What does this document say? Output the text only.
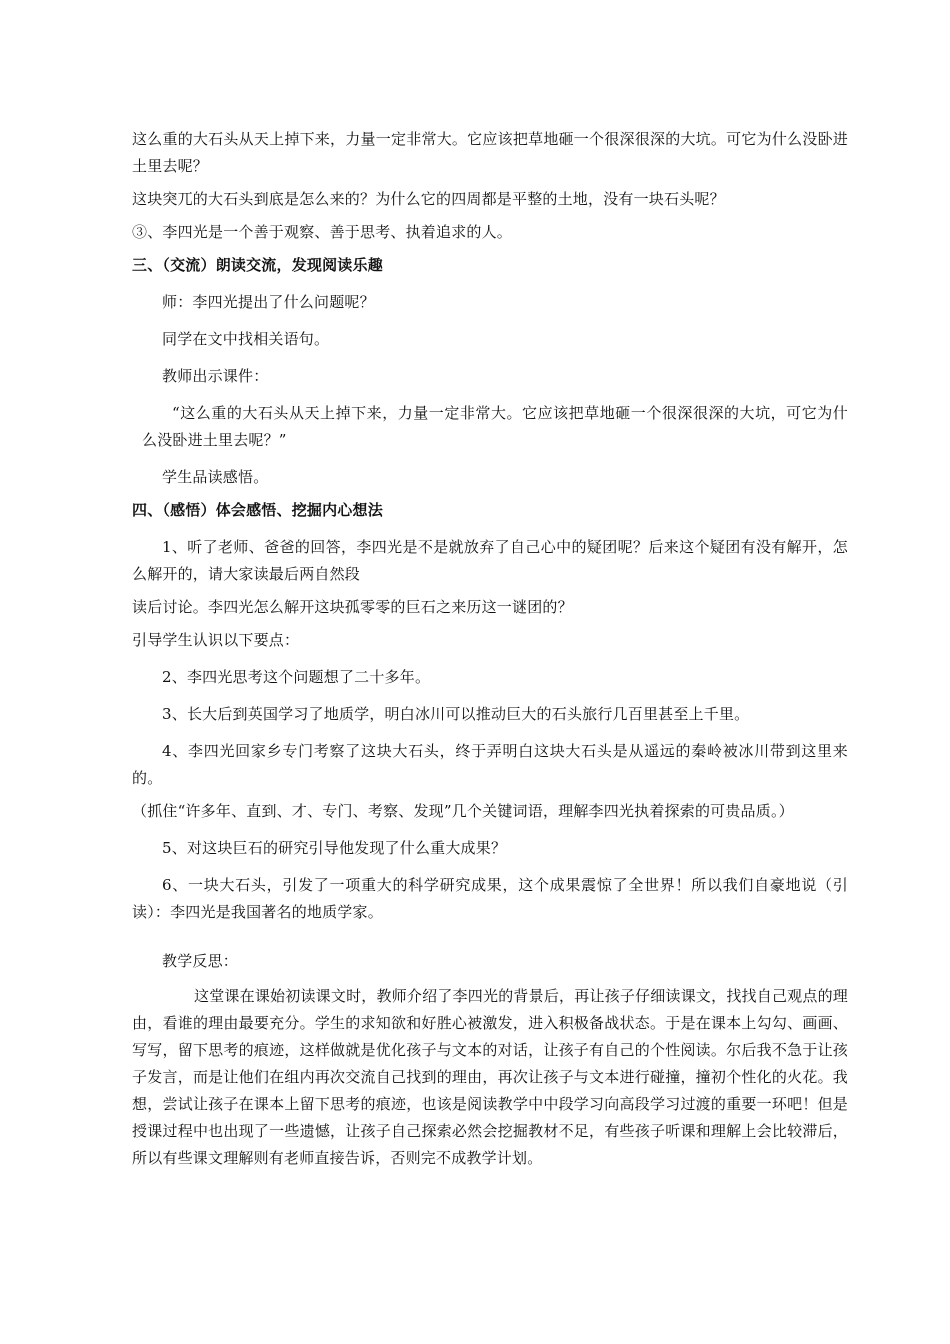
这么重的大石头从天上掉下来，力量一定非常大。它应该把草地砸一个很深很深的大坑。可它为什么没卧进土里去呢？

这块突兀的大石头到底是怎么来的？为什么它的四周都是平整的土地，没有一块石头呢？

③、李四光是一个善于观察、善于思考、执着追求的人。

三、（交流）朗读交流，发现阅读乐趣

师：李四光提出了什么问题呢？

同学在文中找相关语句。

教师出示课件：

“这么重的大石头从天上掉下来，力量一定非常大。它应该把草地砸一个很深很深的大坑，可它为什么没卧进土里去呢？”

学生品读感悟。

四、（感悟）体会感悟、挖掘内心想法

1、听了老师、爸爸的回答，李四光是不是就放弃了自己心中的疑团呢？后来这个疑团有没有解开，怎么解开的，请大家读最后两自然段

读后讨论。李四光怎么解开这块孤零零的巨石之来历这一谜团的？

引导学生认识以下要点：

2、李四光思考这个问题想了二十多年。

3、长大后到英国学习了地质学，明白冰川可以推动巨大的石头旅行几百里甚至上千里。

4、李四光回家乡专门考察了这块大石头，终于弄明白这块大石头是从遥远的秦岭被冰川带到这里来的。

（抓住“许多年、直到、才、专门、考察、发现”几个关键词语，理解李四光执着探索的可贵品质。）

5、对这块巨石的研究引导他发现了什么重大成果？

6、一块大石头，引发了一项重大的科学研究成果，这个成果震惊了全世界！所以我们自豪地说（引读）：李四光是我国著名的地质学家。

教学反思：

这堂课在课始初读课文时，教师介绍了李四光的背景后，再让孩子仔细读课文，找找自己观点的理由，看谁的理由最要充分。学生的求知欲和好胜心被激发，进入积极备战状态。于是在课本上勾勾、画画、写写，留下思考的痕迹，这样做就是优化孩子与文本的对话，让孩子有自己的个性阅读。尔后我不急于让孩子发言，而是让他们在组内再次交流自己找到的理由，再次让孩子与文本进行碰撞，撞初个性化的火花。我想，尝试让孩子在课本上留下思考的痕迹，也该是阅读教学中中段学习向高段学习过渡的重要一环吧！但是授课过程中也出现了一些遗憾，让孩子自己探索必然会挖掘教材不足，有些孩子听课和理解上会比较滞后，所以有些课文理解则有老师直接告诉，否则完不成教学计划。
